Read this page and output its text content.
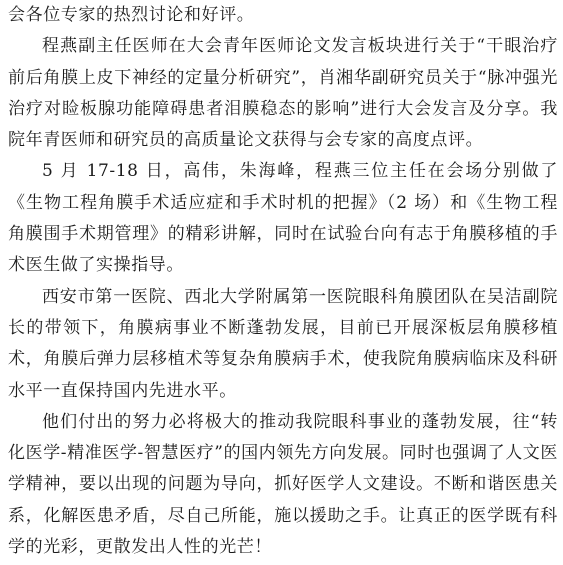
会各位专家的热烈讨论和好评。

程燕副主任医师在大会青年医师论文发言板块进行关于“干眼治疗前后角膜上皮下神经的定量分析研究”，肖湘华副研究员关于“脉冲强光治疗对睑板腺功能障碍患者泪膜稳态的影响”进行大会发言及分享。我院年青医师和研究员的高质量论文获得与会专家的高度点评。

5 月 17-18 日，高伟，朱海峰，程燕三位主任在会场分别做了《生物工程角膜手术适应症和手术时机的把握》（2 场）和《生物工程角膜围手术期管理》的精彩讲解，同时在试验台向有志于角膜移植的手术医生做了实操指导。

西安市第一医院、西北大学附属第一医院眼科角膜团队在吴洁副院长的带领下，角膜病事业不断蓬勃发展，目前已开展深板层角膜移植术，角膜后弹力层移植术等复杂角膜病手术，使我院角膜病临床及科研水平一直保持国内先进水平。

他们付出的努力必将极大的推动我院眼科事业的蓬勃发展，往“转化医学-精准医学-智慧医疗”的国内领先方向发展。同时也强调了人文医学精神，要以出现的问题为导向，抓好医学人文建设。不断和谐医患关系，化解医患矛盾，尽自己所能，施以援助之手。让真正的医学既有科学的光彩，更散发出人性的光芒！
